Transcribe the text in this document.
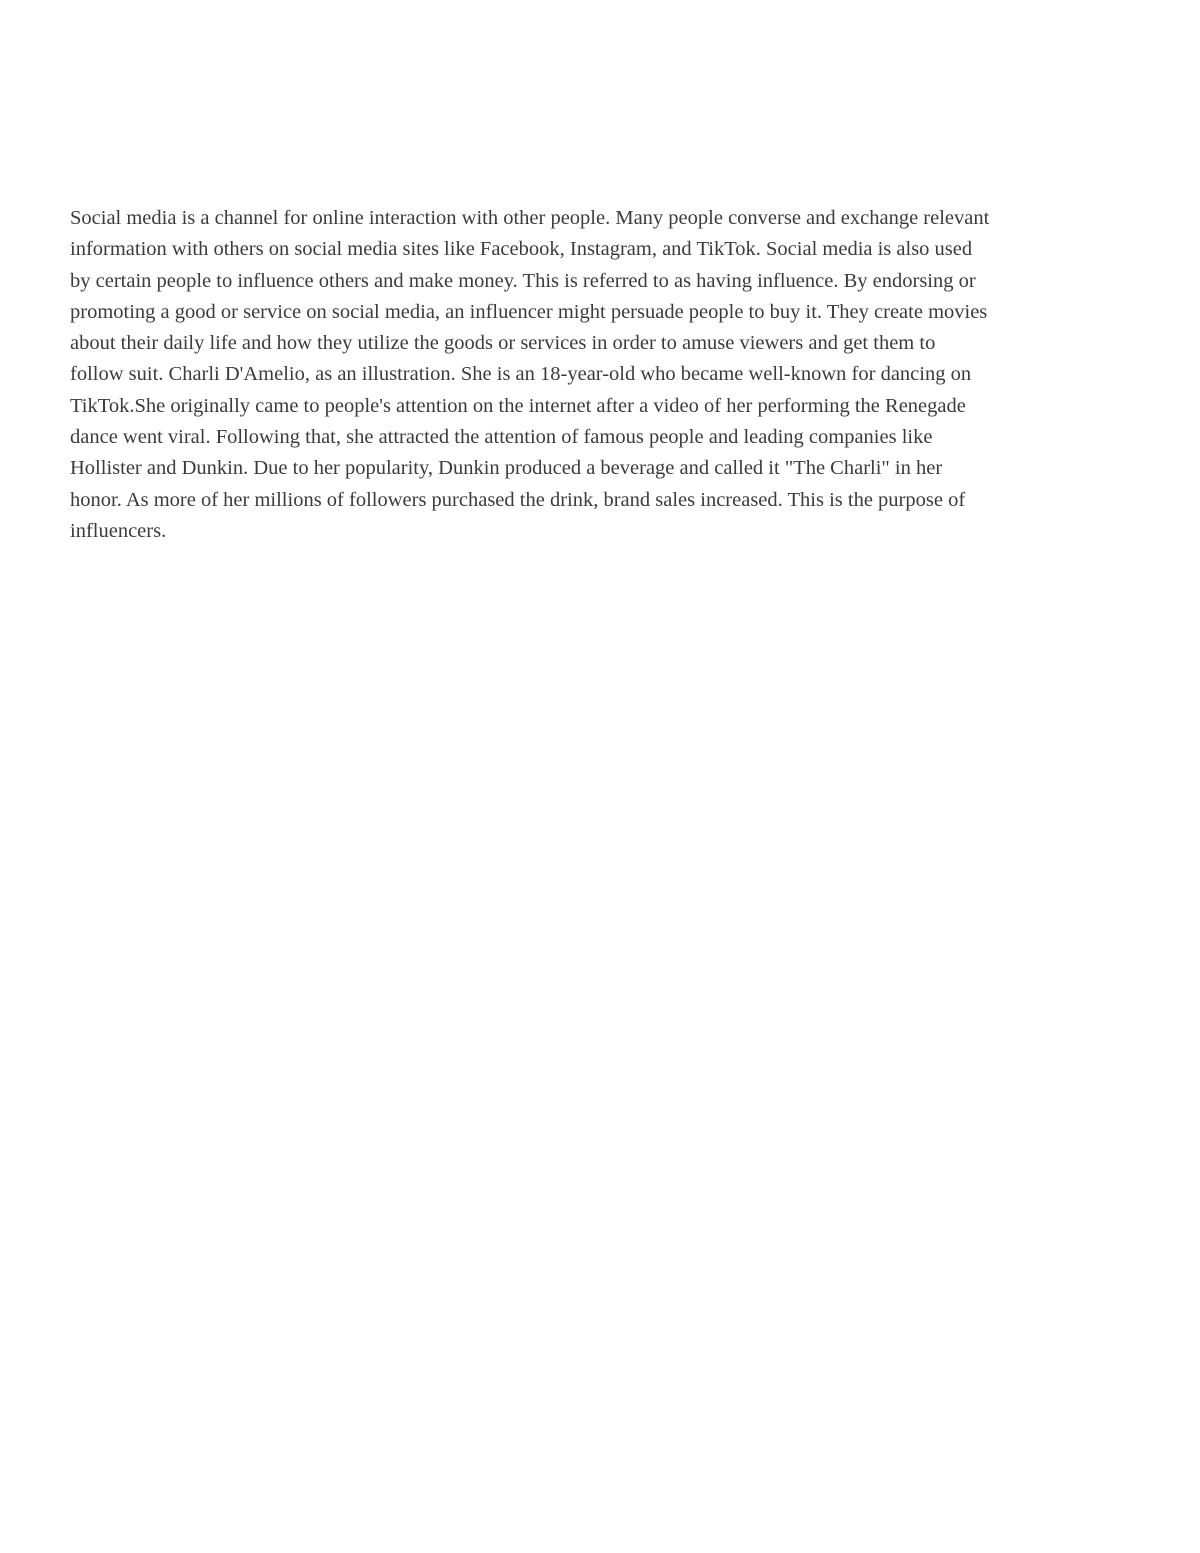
Social media is a channel for online interaction with other people. Many people converse and exchange relevant
information with others on social media sites like Facebook, Instagram, and TikTok. Social media is also used
by certain people to influence others and make money. This is referred to as having influence. By endorsing or
promoting a good or service on social media, an influencer might persuade people to buy it. They create movies
about their daily life and how they utilize the goods or services in order to amuse viewers and get them to
follow suit. Charli D'Amelio, as an illustration. She is an 18-year-old who became well-known for dancing on
TikTok.She originally came to people's attention on the internet after a video of her performing the Renegade
dance went viral. Following that, she attracted the attention of famous people and leading companies like
Hollister and Dunkin. Due to her popularity, Dunkin produced a beverage and called it "The Charli" in her
honor. As more of her millions of followers purchased the drink, brand sales increased. This is the purpose of
influencers.
